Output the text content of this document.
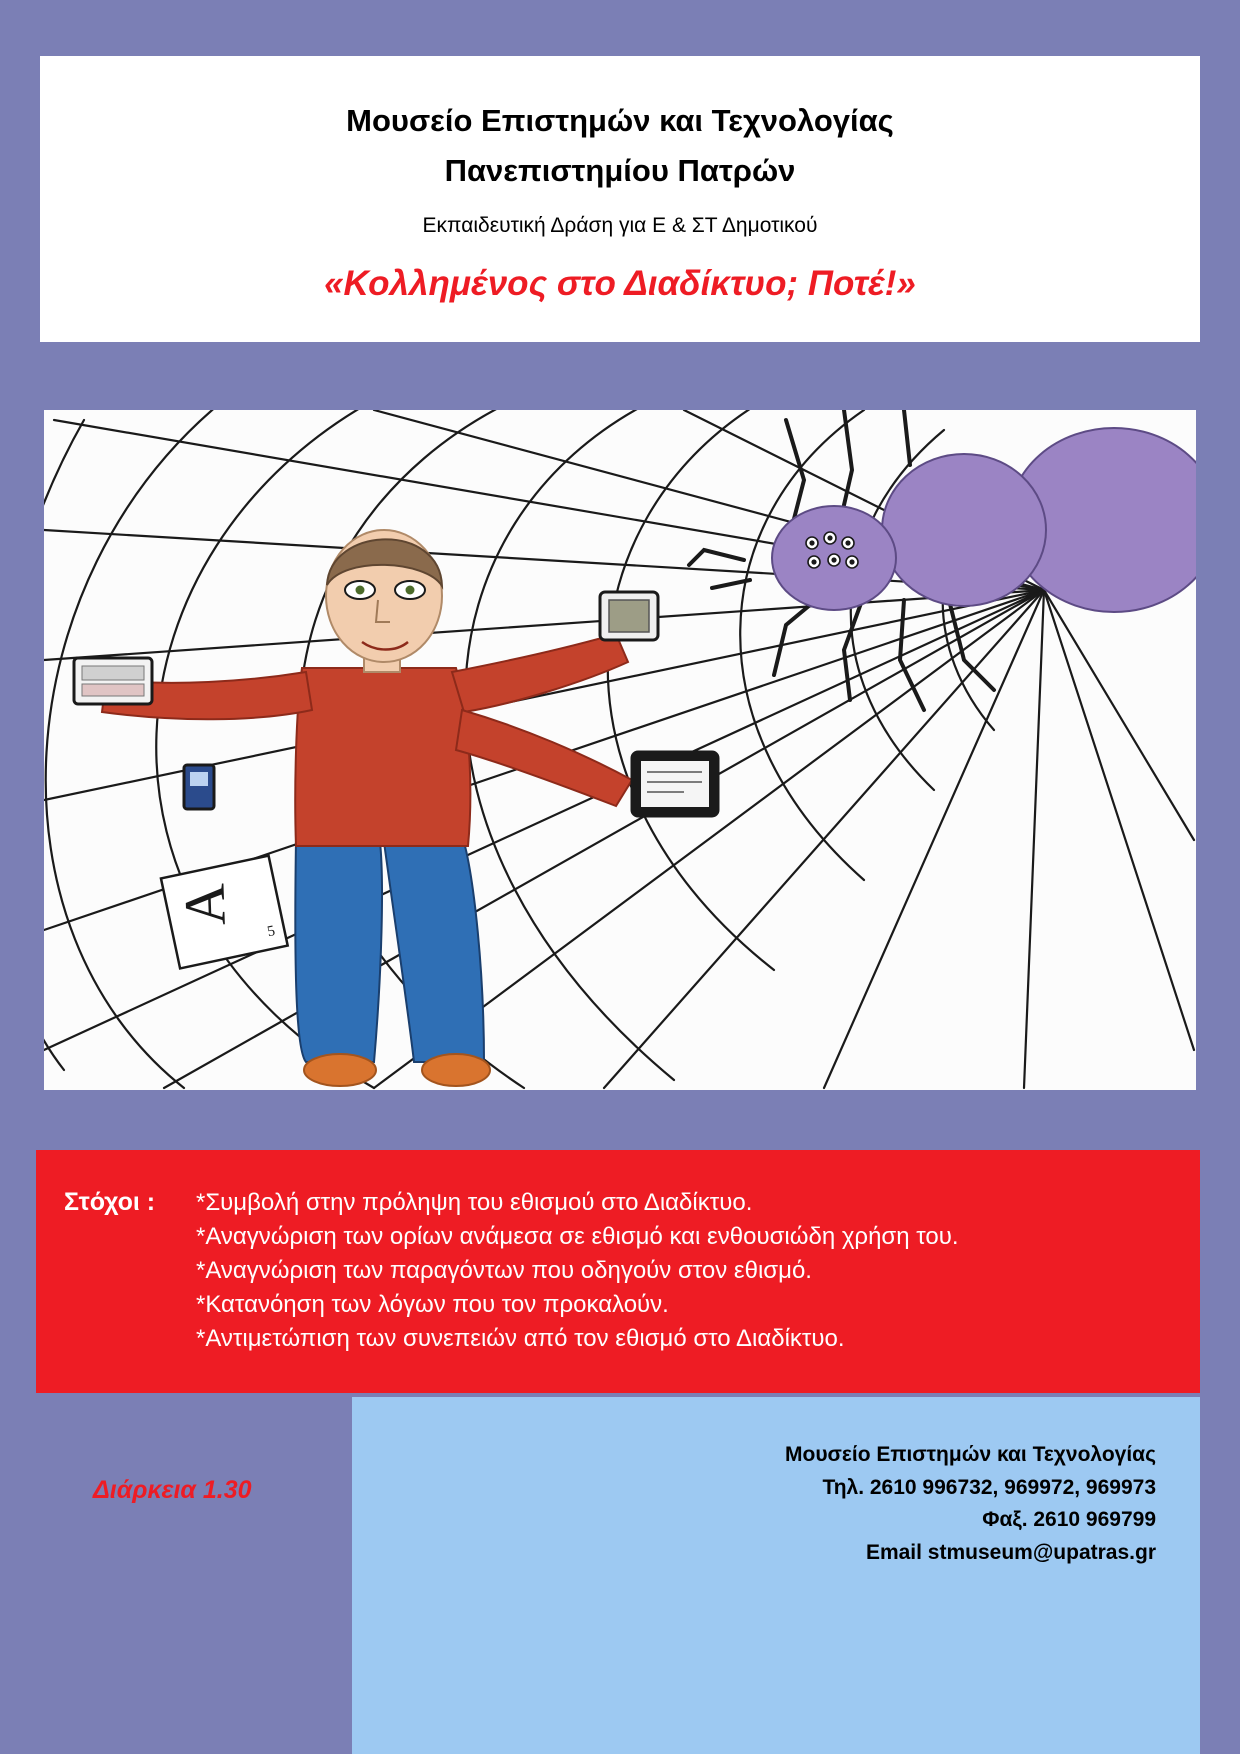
Μουσείο Επιστημών και Τεχνολογίας
Πανεπιστημίου Πατρών
Εκπαιδευτική Δράση για Ε & ΣΤ Δημοτικού
«Κολλημένος στο Διαδίκτυο; Ποτέ!»
A
5
Στόχοι : *Συμβολή στην πρόληψη του εθισμού στο Διαδίκτυο.
*Αναγνώριση των ορίων ανάμεσα σε εθισμό και ενθουσιώδη χρήση του.
*Αναγνώριση των παραγόντων που οδηγούν στον εθισμό.
*Κατανόηση των λόγων που τον προκαλούν.
*Αντιμετώπιση των συνεπειών από τον εθισμό στο Διαδίκτυο.
Μουσείο Επιστημών και Τεχνολογίας
Τηλ. 2610 996732, 969972, 969973
Φαξ. 2610 969799
Email stmuseum@upatras.gr
Διάρκεια 1.30
